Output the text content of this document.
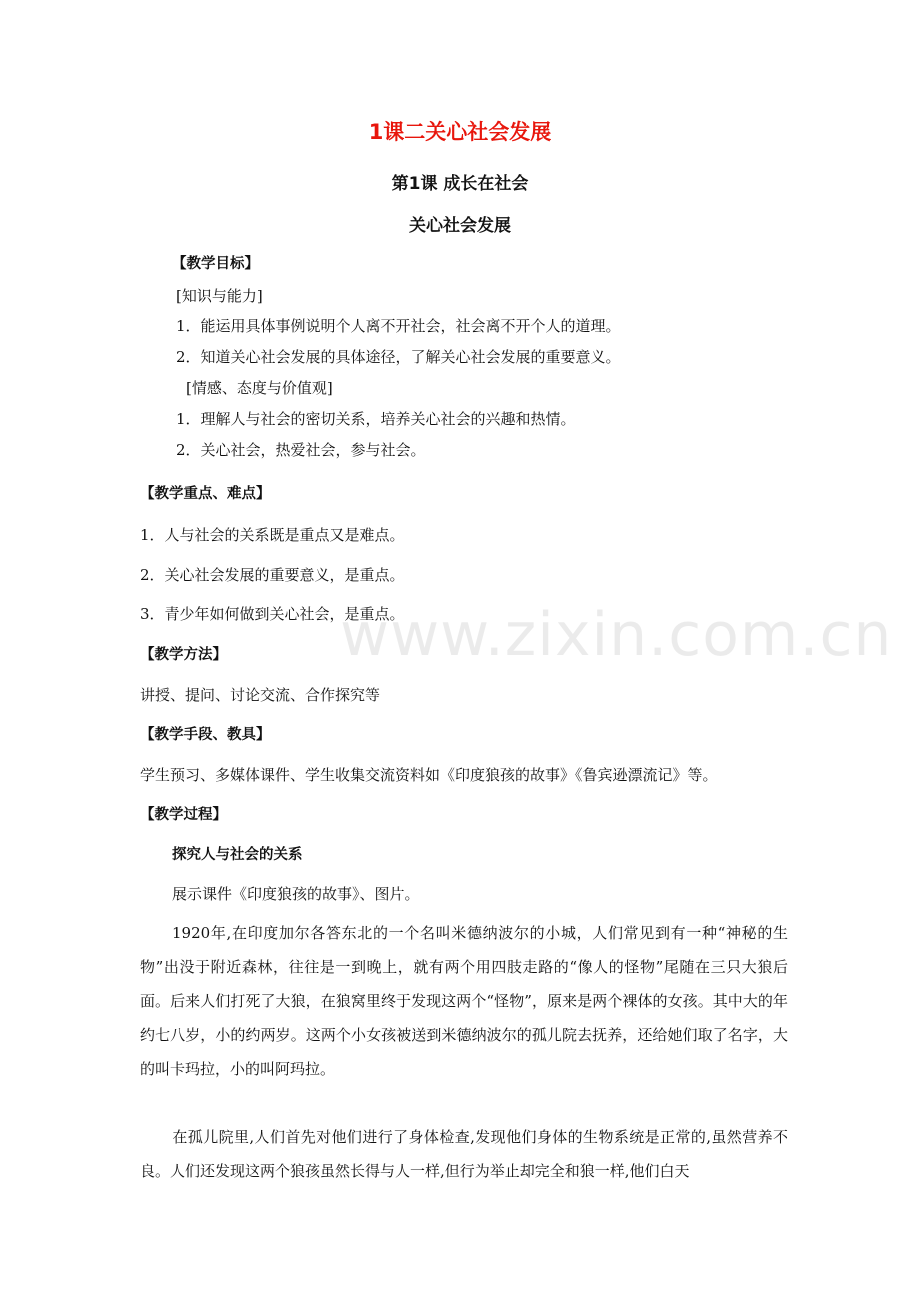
www.zixin.com.cn
1课二关心社会发展
第1课 成长在社会
关心社会发展
【教学目标】
[知识与能力]
1．能运用具体事例说明个人离不开社会，社会离不开个人的道理。
2．知道关心社会发展的具体途径，了解关心社会发展的重要意义。
[情感、态度与价值观]
1．理解人与社会的密切关系，培养关心社会的兴趣和热情。
2．关心社会，热爱社会，参与社会。
【教学重点、难点】
1．人与社会的关系既是重点又是难点。
2．关心社会发展的重要意义，是重点。
3．青少年如何做到关心社会，是重点。
【教学方法】
讲授、提问、讨论交流、合作探究等
【教学手段、教具】
学生预习、多媒体课件、学生收集交流资料如《印度狼孩的故事》《鲁宾逊漂流记》等。
【教学过程】
探究人与社会的关系
展示课件《印度狼孩的故事》、图片。
1920年,在印度加尔各答东北的一个名叫米德纳波尔的小城，人们常见到有一种“神秘的生物”出没于附近森林，往往是一到晚上，就有两个用四肢走路的“像人的怪物”尾随在三只大狼后面。后来人们打死了大狼，在狼窝里终于发现这两个“怪物”，原来是两个裸体的女孩。其中大的年约七八岁，小的约两岁。这两个小女孩被送到米德纳波尔的孤儿院去抚养，还给她们取了名字，大的叫卡玛拉，小的叫阿玛拉。
在孤儿院里,人们首先对他们进行了身体检查,发现他们身体的生物系统是正常的,虽然营养不良。人们还发现这两个狼孩虽然长得与人一样,但行为举止却完全和狼一样,他们白天
